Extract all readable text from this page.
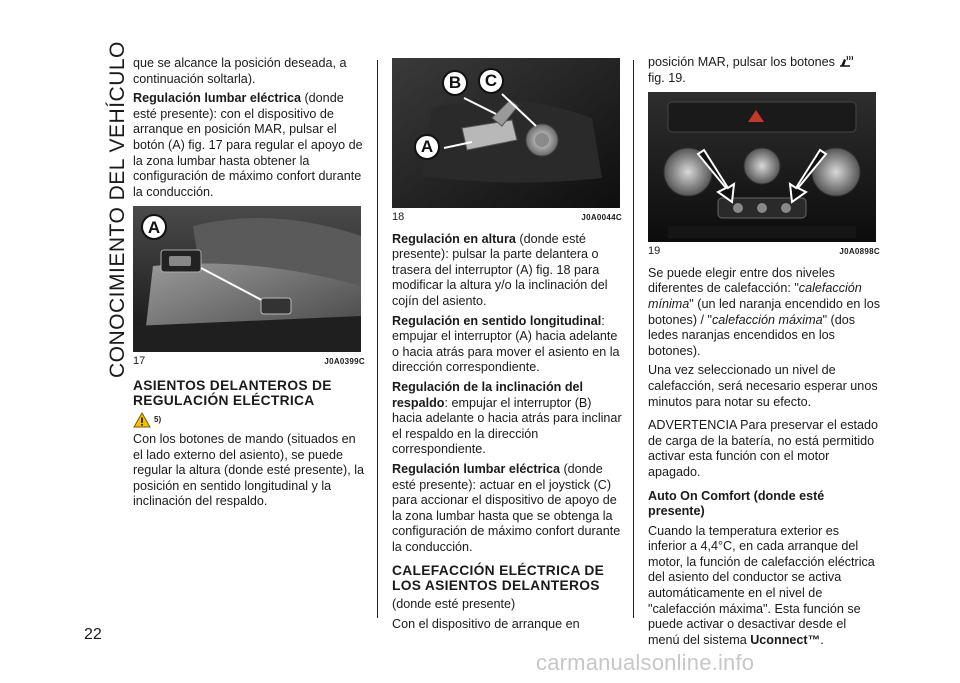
CONOCIMIENTO DEL VEHÍCULO
22

que se alcance la posición deseada, a continuación soltarla).

Regulación lumbar eléctrica (donde esté presente): con el dispositivo de arranque en posición MAR, pulsar el botón (A) fig. 17 para regular el apoyo de la zona lumbar hasta obtener la configuración de máximo confort durante la conducción.

A
17	J0A0399C
ASIENTOS DELANTEROS DE REGULACIÓN ELÉCTRICA
5)

Con los botones de mando (situados en el lado externo del asiento), se puede regular la altura (donde esté presente), la posición en sentido longitudinal y la inclinación del respaldo.

A
B	C
18	J0A0044C

Regulación en altura (donde esté presente): pulsar la parte delantera o trasera del interruptor (A) fig. 18 para modificar la altura y/o la inclinación del cojín del asiento.

Regulación en sentido longitudinal: empujar el interruptor (A) hacia adelante o hacia atrás para mover el asiento en la dirección correspondiente.

Regulación de la inclinación del respaldo: empujar el interruptor (B) hacia adelante o hacia atrás para inclinar el respaldo en la dirección correspondiente.

Regulación lumbar eléctrica (donde esté presente): actuar en el joystick (C) para accionar el dispositivo de apoyo de la zona lumbar hasta que se obtenga la configuración de máximo confort durante la conducción.

CALEFACCIÓN ELÉCTRICA DE LOS ASIENTOS DELANTEROS

(donde esté presente)

Con el dispositivo de arranque en

posición MAR, pulsar los botones

fig. 19.

19	J0A0898C

Se puede elegir entre dos niveles diferentes de calefacción: "calefacción mínima" (un led naranja encendido en los botones) / "calefacción máxima" (dos ledes naranjas encendidos en los botones).

Una vez seleccionado un nivel de calefacción, será necesario esperar unos minutos para notar su efecto.

ADVERTENCIA Para preservar el estado de carga de la batería, no está permitido activar esta función con el motor apagado.

Auto On Comfort (donde esté presente)

Cuando la temperatura exterior es inferior a 4,4°C, en cada arranque del motor, la función de calefacción eléctrica del asiento del conductor se activa automáticamente en el nivel de "calefacción máxima". Esta función se puede activar o desactivar desde el menú del sistema Uconnect™.

carmanualsonline.info
